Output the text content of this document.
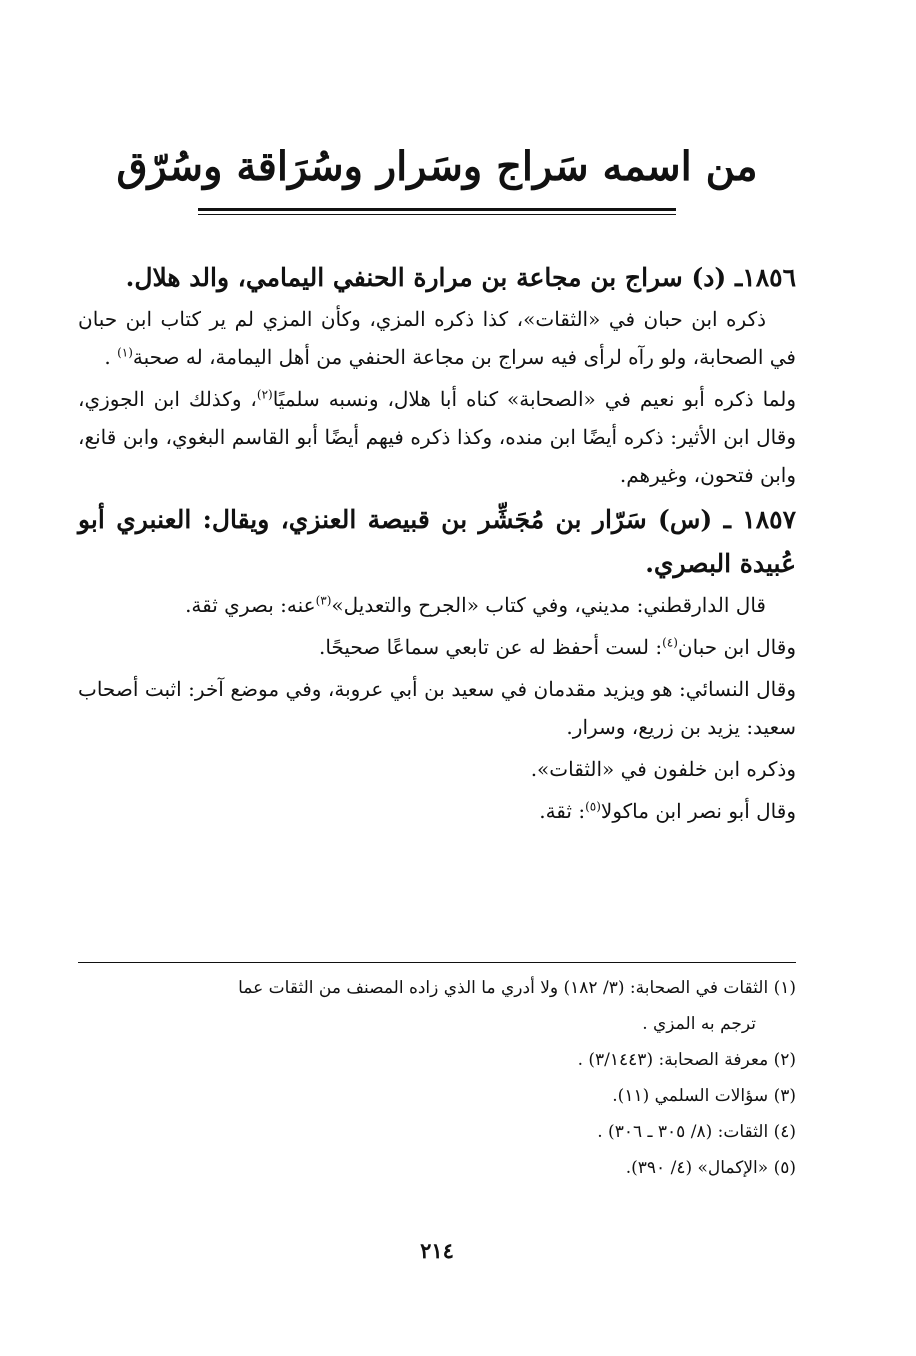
من اسمه سَراج وسَرار وسُرَاقة وسُرّق
١٨٥٦ـ (د) سراج بن مجاعة بن مرارة الحنفي اليمامي، والد هلال.

ذكره ابن حبان في «الثقات»، كذا ذكره المزي، وكأن المزي لم ير كتاب ابن حبان في الصحابة، ولو رآه لرأى فيه سراج بن مجاعة الحنفي من أهل اليمامة، له صحبة$^{(١)}$ .

ولما ذكره أبو نعيم في «الصحابة» كناه أبا هلال، ونسبه سلميًا$^{(٢)}$، وكذلك ابن الجوزي، وقال ابن الأثير: ذكره أيضًا ابن منده، وكذا ذكره فيهم أيضًا أبو القاسم البغوي، وابن قانع، وابن فتحون، وغيرهم.

١٨٥٧ ـ (س) سَرّار بن مُجَشِّر بن قبيصة العنزي، ويقال: العنبري أبو عُبيدة البصري.

قال الدارقطني: مديني، وفي كتاب «الجرح والتعديل»$^{(٣)}$عنه: بصري ثقة.

وقال ابن حبان$^{(٤)}$: لست أحفظ له عن تابعي سماعًا صحيحًا.

وقال النسائي: هو ويزيد مقدمان في سعيد بن أبي عروبة، وفي موضع آخر: اثبت أصحاب سعيد: يزيد بن زريع، وسرار.

وذكره ابن خلفون في «الثقات».

وقال أبو نصر ابن ماكولا$^{(٥)}$: ثقة.

(١) الثقات في الصحابة: (٣/ ١٨٢) ولا أدري ما الذي زاده المصنف من الثقات عما
ترجم به المزي .
(٢) معرفة الصحابة: (٣/١٤٤٣) .
(٣) سؤالات السلمي (١١).
(٤) الثقات: (٨/ ٣٠٥ ـ ٣٠٦) .
(٥) «الإكمال» (٤/ ٣٩٠).
٢١٤
